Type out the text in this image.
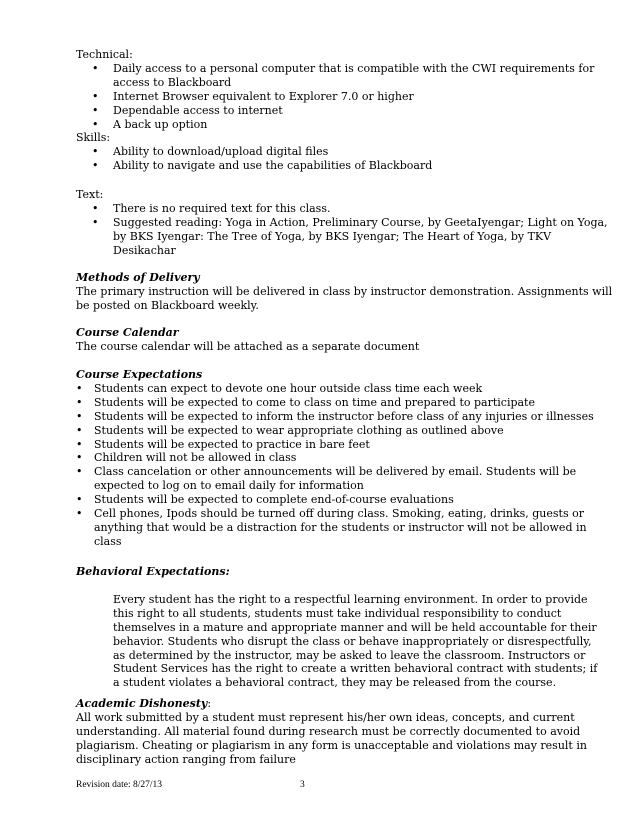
Technical:

• Daily access to a personal computer that is compatible with the CWI requirements for access to Blackboard
• Internet Browser equivalent to Explorer 7.0 or higher
• Dependable access to internet
• A back up option

Skills:

• Ability to download/upload digital files
• Ability to navigate and use the capabilities of Blackboard

Text:

• There is no required text for this class.
• Suggested reading: Yoga in Action, Preliminary Course, by GeetaIyengar; Light on Yoga, by BKS Iyengar: The Tree of Yoga, by BKS Iyengar; The Heart of Yoga, by TKV Desikachar

Methods of Delivery

The primary instruction will be delivered in class by instructor demonstration. Assignments will be posted on Blackboard weekly.

Course Calendar

The course calendar will be attached as a separate document

Course Expectations

• Students can expect to devote one hour outside class time each week
• Students will be expected to come to class on time and prepared to participate
• Students will be expected to inform the instructor before class of any injuries or illnesses
• Students will be expected to wear appropriate clothing as outlined above
• Students will be expected to practice in bare feet
• Children will not be allowed in class
• Class cancelation or other announcements will be delivered by email. Students will be expected to log on to email daily for information
• Students will be expected to complete end-of-course evaluations
• Cell phones, Ipods should be turned off during class. Smoking, eating, drinks, guests or anything that would be a distraction for the students or instructor will not be allowed in class

Behavioral Expectations:

Every student has the right to a respectful learning environment. In order to provide this right to all students, students must take individual responsibility to conduct themselves in a mature and appropriate manner and will be held accountable for their behavior. Students who disrupt the class or behave inappropriately or disrespectfully, as determined by the instructor, may be asked to leave the classroom. Instructors or Student Services has the right to create a written behavioral contract with students; if a student violates a behavioral contract, they may be released from the course.

Academic Dishonesty:

All work submitted by a student must represent his/her own ideas, concepts, and current understanding. All material found during research must be correctly documented to avoid plagiarism. Cheating or plagiarism in any form is unacceptable and violations may result in disciplinary action ranging from failure

Revision date: 8/27/13	3
